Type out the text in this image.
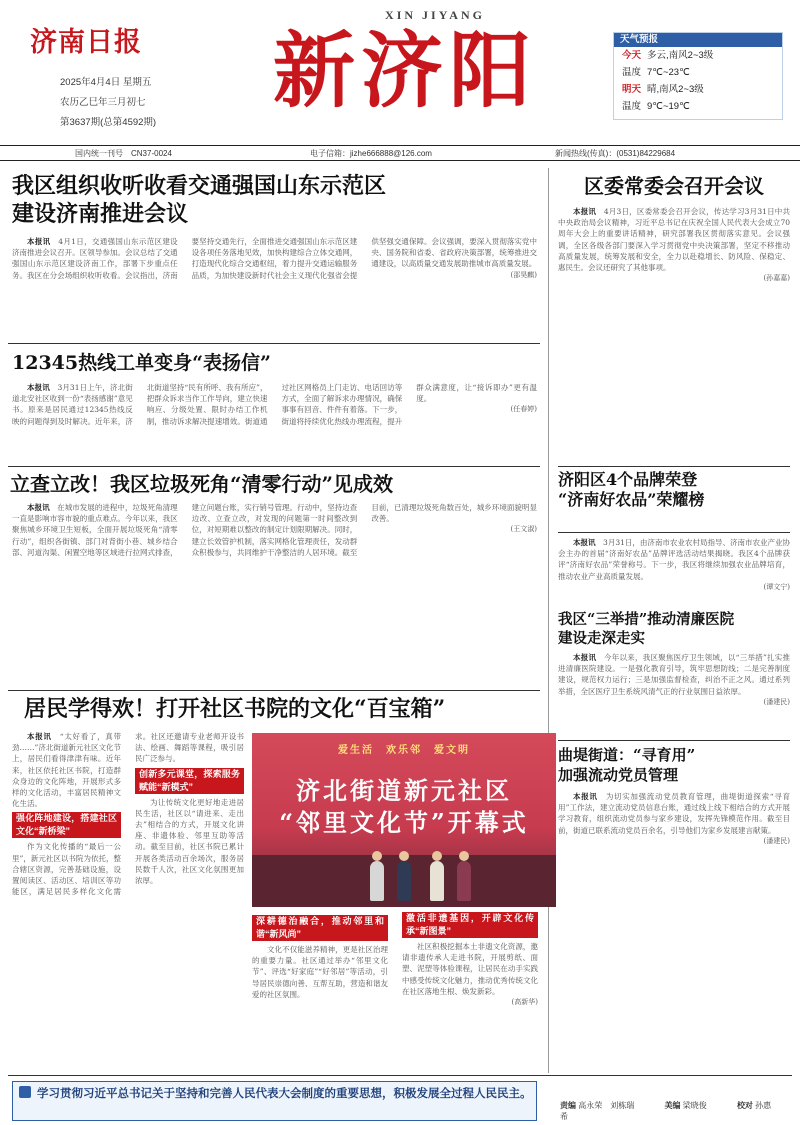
济南日报
2025年4月4日 星期五
农历乙巳年三月初七
第3637期(总第4592期)
XIN JIYANG
新济阳	天气预报
今天 多云,南风2~3级
温度 7℃~23℃
明天 晴,南风2~3级
温度 9℃~19℃
国内统一刊号　CN37-0024	电子信箱：jizhe666888@126.com	新闻热线(传真)：(0531)84229684
我区组织收听收看交通强国山东示范区
建设济南推进会议

本报讯　 4月1日，交通强国山东示范区建设济南推进会议召开。区领导参加。会议总结了交通强国山东示范区建设济南工作，部署下步重点任务。我区在分会场组织收听收看。会议指出，济南要坚持交通先行，全面推进交通强国山东示范区建设各项任务落地见效，加快构建综合立体交通网，打造现代化综合交通枢纽，着力提升交通运输服务品质，为加快建设新时代社会主义现代化强省会提供坚强交通保障。会议强调，要深入贯彻落实党中央、国务院和省委、省政府决策部署，统筹推进交通建设，以高质量交通发展助推城市高质量发展。

(邵昊麒)

12345热线工单变身“表扬信”

本报讯　 3月31日上午，济北街道北安社区收到一份“表扬感谢”意见书。原来是居民通过12345热线反映的问题得到及时解决。近年来，济北街道坚持“民有所呼、我有所应”，把群众诉求当作工作导向，建立快速响应、分级处置、限时办结工作机制，推动诉求解决提速增效。街道通过社区网格员上门走访、电话回访等方式，全面了解诉求办理情况，确保事事有回音、件件有着落。下一步，街道将持续优化热线办理流程，提升群众满意度，让“接诉即办”更有温度。

(任春婷)

立查立改！我区垃圾死角“清零行动”见成效

本报讯　 在城市发展的进程中，垃圾死角清理一直是影响市容市貌的重点难点。今年以来，我区聚焦城乡环境卫生短板，全面开展垃圾死角“清零行动”，组织各街镇、部门对背街小巷、城乡结合部、河道沟渠、闲置空地等区域进行拉网式排查，建立问题台账，实行销号管理。行动中，坚持边查边改、立查立改，对发现的问题第一时间整改到位，对短期难以整改的制定计划限期解决。同时，建立长效管护机制，落实网格化管理责任，发动群众积极参与，共同维护干净整洁的人居环境。截至目前，已清理垃圾死角数百处，城乡环境面貌明显改善。

(王文淑)

居民学得欢！打开社区书院的文化“百宝箱”

本报讯　 “太好看了，真带劲……”济北街道新元社区文化节上，居民们看得津津有味。近年来，社区依托社区书院，打造群众身边的文化阵地，开展形式多样的文化活动，丰富居民精神文化生活。

强化阵地建设，搭建社区文化“新桥梁”

作为文化传播的“最后一公里”，新元社区以书院为依托，整合辖区资源，完善基础设施，设置阅读区、活动区、培训区等功能区，满足居民多样化文化需求。社区还邀请专业老师开设书法、绘画、舞蹈等课程，吸引居民广泛参与。

创新多元课堂，探索服务赋能“新模式”

为让传统文化更好地走进居民生活，社区以“请进来、走出去”相结合的方式，开展文化讲座、非遗体验、邻里互助等活动。截至目前，社区书院已累计开展各类活动百余场次，服务居民数千人次，社区文化氛围更加浓厚。

深耕德治融合，推动邻里和谐“新风尚”

文化不仅能滋养精神，更是社区治理的重要力量。社区通过举办“邻里文化节”、评选“好家庭”“好邻居”等活动，引导居民崇德向善、互帮互助，营造和谐友爱的社区氛围。

激活非遗基因，开辟文化传承“新图景”

社区积极挖掘本土非遗文化资源，邀请非遗传承人走进书院，开展剪纸、面塑、泥塑等体验课程，让居民在动手实践中感受传统文化魅力，推动优秀传统文化在社区落地生根、焕发新彩。

(高新华)

爱生活　欢乐邻　爱文明
济北街道新元社区
“邻里文化节”开幕式
区委常委会召开会议

本报讯　 4月3日，区委常委会召开会议，传达学习3月31日中共中央政治局会议精神，习近平总书记在庆祝全国人民代表大会成立70周年大会上的重要讲话精神，研究部署我区贯彻落实意见。会议强调，全区各级各部门要深入学习贯彻党中央决策部署，坚定不移推动高质量发展，统筹发展和安全，全力以赴稳增长、防风险、保稳定、惠民生。会议还研究了其他事项。

(孙嘉嘉)

济阳区4个品牌荣登
“济南好农品”荣耀榜

本报讯　 3月31日，由济南市农业农村局指导、济南市农业产业协会主办的首届“济南好农品”品牌评选活动结果揭晓。我区4个品牌获评“济南好农品”荣誉称号。下一步，我区将继续加强农业品牌培育，推动农业产业高质量发展。

(谭文宁)

我区“三举措”推动清廉医院
建设走深走实

本报讯　 今年以来，我区聚焦医疗卫生领域，以“三举措”扎实推进清廉医院建设。一是强化教育引导，筑牢思想防线；二是完善制度建设，规范权力运行；三是加强监督检查，纠治不正之风。通过系列举措，全区医疗卫生系统风清气正的行业氛围日益浓厚。

(潘建民)

曲堤街道：“寻育用”
加强流动党员管理

本报讯　 为切实加强流动党员教育管理，曲堤街道探索“寻育用”工作法，建立流动党员信息台账，通过线上线下相结合的方式开展学习教育，组织流动党员参与家乡建设，发挥先锋模范作用。截至目前，街道已联系流动党员百余名，引导他们为家乡发展建言献策。

(潘建民)

学习贯彻习近平总书记关于坚持和完善人民代表大会制度的重要思想，积极发展全过程人民民主。
责编 高永荣　刘栋瑞	美编 梁晓俊	校对 孙惠希
